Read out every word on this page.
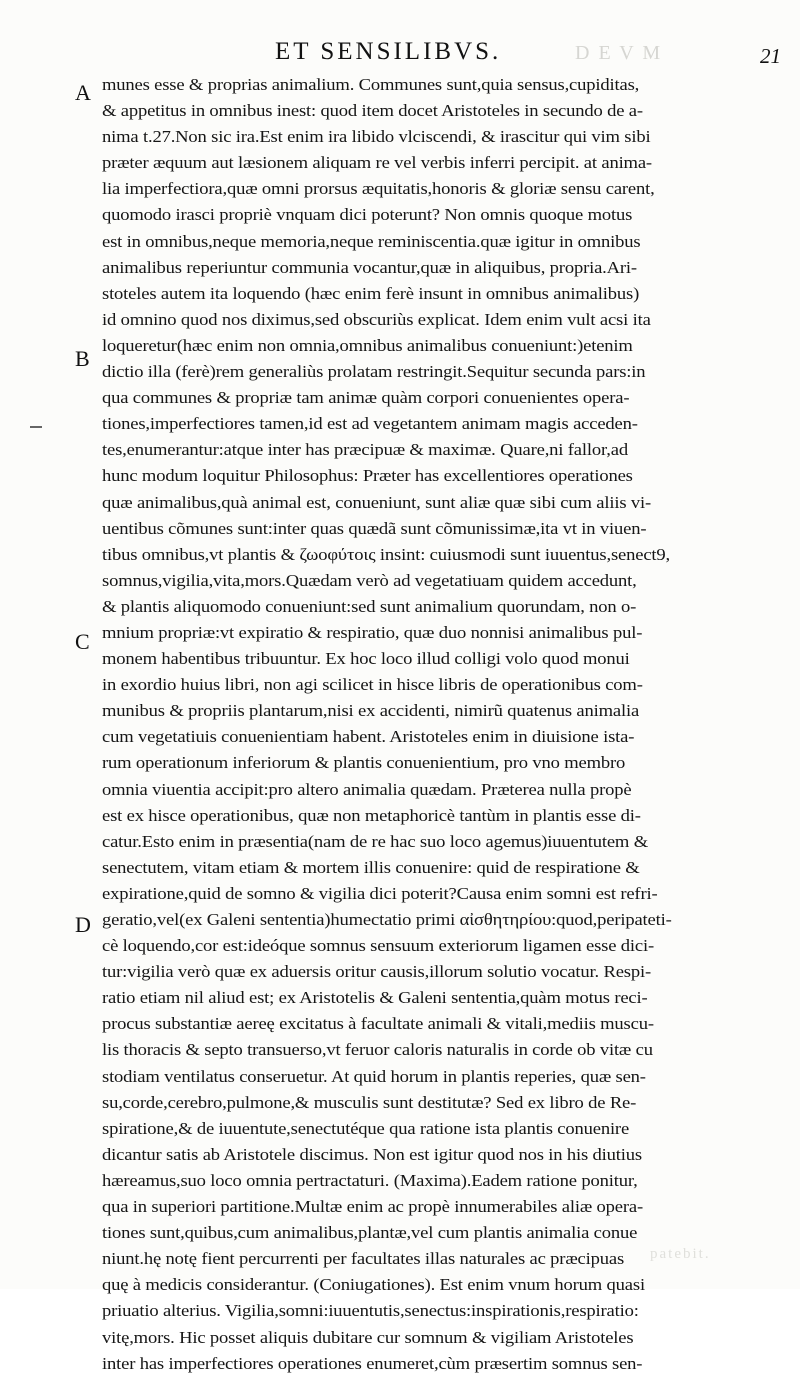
D E V M
ET SENSILIBVS.	21
A
B
C
D
munes esse & proprias animalium. Communes sunt,quia sensus,cupiditas,
& appetitus in omnibus inest: quod item docet Aristoteles in secundo de a-
nima t.27.Non sic ira.Est enim ira libido vlciscendi, & irascitur qui vim sibi
præter æquum aut læsionem aliquam re vel verbis inferri percipit. at anima-
lia imperfectiora,quæ omni prorsus æquitatis,honoris & gloriæ sensu carent,
quomodo irasci propriè vnquam dici poterunt? Non omnis quoque motus
est in omnibus,neque memoria,neque reminiscentia.quæ igitur in omnibus
animalibus reperiuntur communia vocantur,quæ in aliquibus, propria.Ari-
stoteles autem ita loquendo (hæc enim ferè insunt in omnibus animalibus)
id omnino quod nos diximus,sed obscuriùs explicat. Idem enim vult acsi ita
loqueretur(hæc enim non omnia,omnibus animalibus conueniunt:)etenim
dictio illa (ferè)rem generaliùs prolatam restringit.Sequitur secunda pars:in
qua communes & propriæ tam animæ quàm corpori conuenientes opera-
tiones,imperfectiores tamen,id est ad vegetantem animam magis acceden-
tes,enumerantur:atque inter has præcipuæ & maximæ. Quare,ni fallor,ad
hunc modum loquitur Philosophus: Præter has excellentiores operationes
quæ animalibus,quà animal est, conueniunt, sunt aliæ quæ sibi cum aliis vi-
uentibus cõmunes sunt:inter quas quædã sunt cõmunissimæ,ita vt in viuen-
tibus omnibus,vt plantis & ζωοφύτοις insint: cuiusmodi sunt iuuentus,senect9,
somnus,vigilia,vita,mors.Quædam verò ad vegetatiuam quidem accedunt,
& plantis aliquomodo conueniunt:sed sunt animalium quorundam, non o-
mnium propriæ:vt expiratio & respiratio, quæ duo nonnisi animalibus pul-
monem habentibus tribuuntur. Ex hoc loco illud colligi volo quod monui
in exordio huius libri, non agi scilicet in hisce libris de operationibus com-
munibus & propriis plantarum,nisi ex accidenti, nimirũ quatenus animalia
cum vegetatiuis conuenientiam habent. Aristoteles enim in diuisione ista-
rum operationum inferiorum & plantis conuenientium, pro vno membro
omnia viuentia accipit:pro altero animalia quædam. Præterea nulla propè
est ex hisce operationibus, quæ non metaphoricè tantùm in plantis esse di-
catur.Esto enim in præsentia(nam de re hac suo loco agemus)iuuentutem &
senectutem, vitam etiam & mortem illis conuenire: quid de respiratione &
expiratione,quid de somno & vigilia dici poterit?Causa enim somni est refri-
geratio,vel(ex Galeni sententia)humectatio primi αἰσθητηρίου:quod,peripateti-
cè loquendo,cor est:ideóque somnus sensuum exteriorum ligamen esse dici-
tur:vigilia verò quæ ex aduersis oritur causis,illorum solutio vocatur. Respi-
ratio etiam nil aliud est; ex Aristotelis & Galeni sententia,quàm motus reci-
procus substantiæ aereę excitatus à facultate animali & vitali,mediis muscu-
lis thoracis & septo transuerso,vt feruor caloris naturalis in corde ob vitæ cu
stodiam ventilatus conseruetur. At quid horum in plantis reperies, quæ sen-
su,corde,cerebro,pulmone,& musculis sunt destitutæ? Sed ex libro de Re-
spiratione,& de iuuentute,senectutéque qua ratione ista plantis conuenire
dicantur satis ab Aristotele discimus. Non est igitur quod nos in his diutius
hæreamus,suo loco omnia pertractaturi. (Maxima).Eadem ratione ponitur,
qua in superiori partitione.Multæ enim ac propè innumerabiles aliæ opera-
tiones sunt,quibus,cum animalibus,plantæ,vel cum plantis animalia conue
niunt.hę notę fient percurrenti per facultates illas naturales ac præcipuas
quę à medicis considerantur. (Coniugationes). Est enim vnum horum quasi
priuatio alterius. Vigilia,somni:iuuentutis,senectus:inspirationis,respiratio:
vitę,mors. Hic posset aliquis dubitare cur somnum & vigiliam Aristoteles
inter has imperfectiores operationes enumeret,cùm præsertim somnus sen-
patebit.
